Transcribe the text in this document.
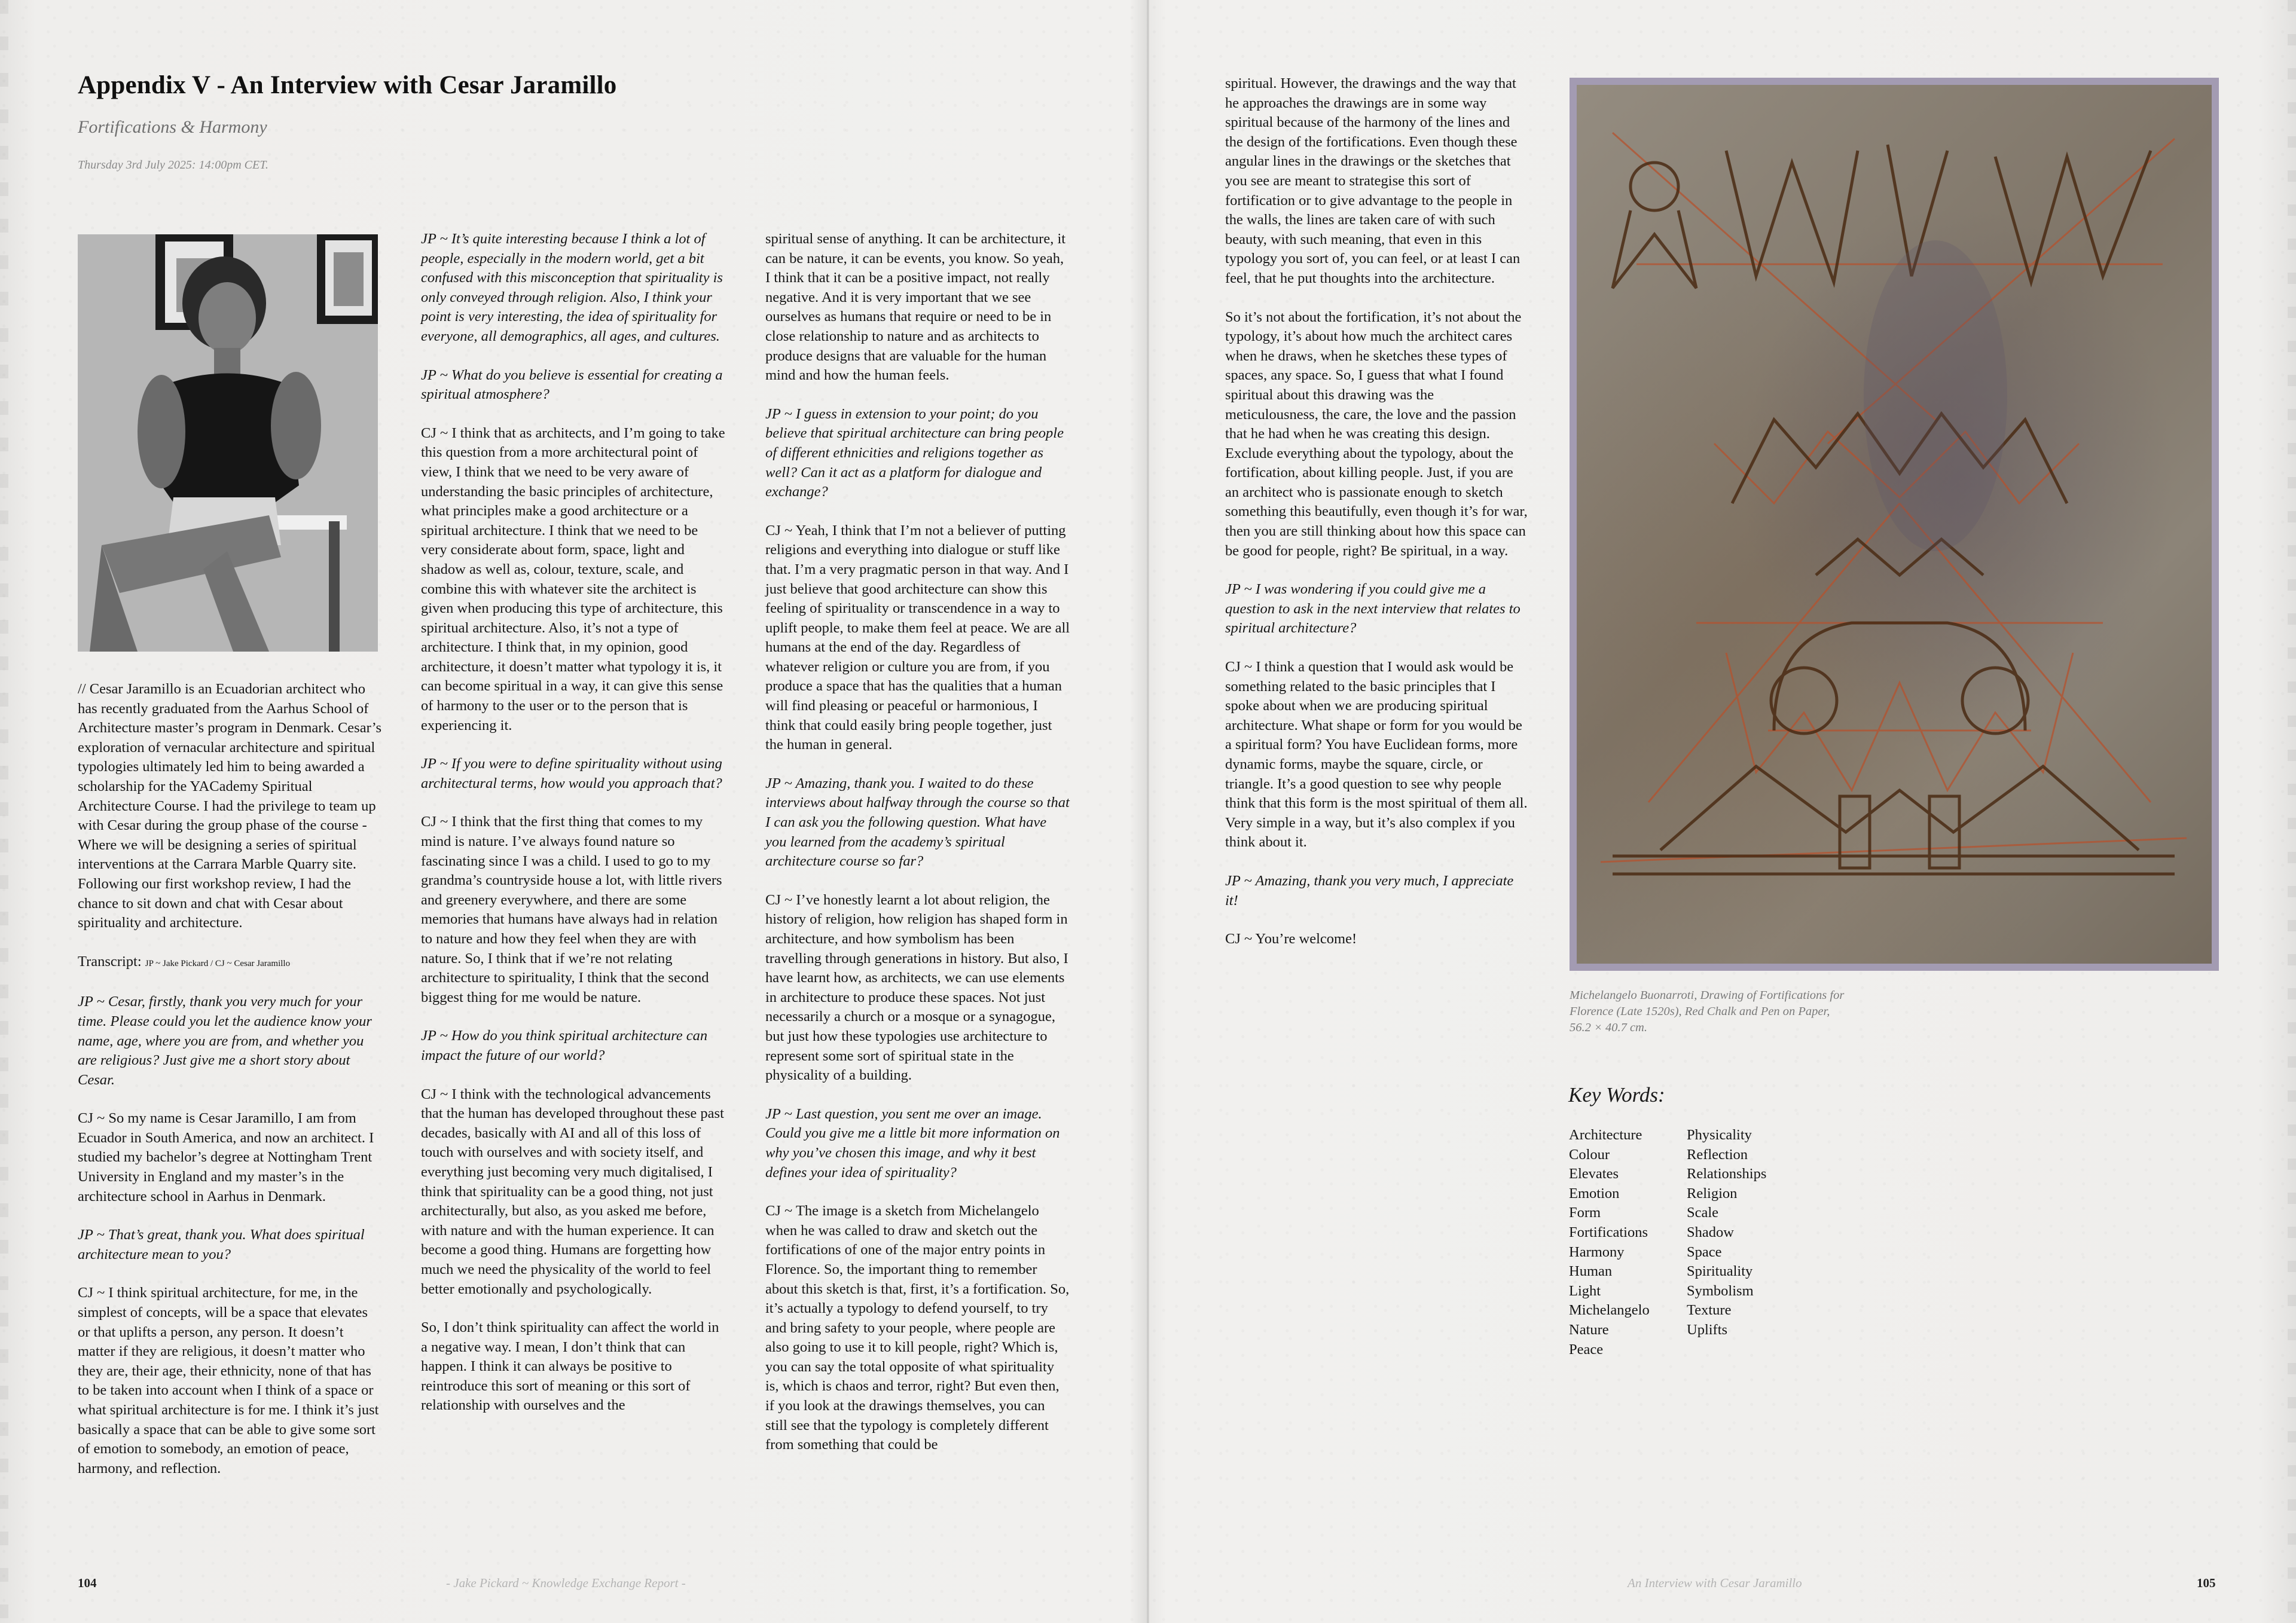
Appendix V - An Interview with Cesar Jaramillo
Fortifications & Harmony
Thursday 3rd July 2025: 14:00pm CET.

// Cesar Jaramillo is an Ecuadorian architect who has recently graduated from the Aarhus School of Architecture master’s program in Denmark. Cesar’s exploration of vernacular architecture and spiritual typologies ultimately led him to being awarded a scholarship for the YACademy Spiritual Architecture Course. I had the privilege to team up with Cesar during the group phase of the course - Where we will be designing a series of spiritual interventions at the Carrara Marble Quarry site. Following our first workshop review, I had the chance to sit down and chat with Cesar about spirituality and architecture.

Transcript: JP ~ Jake Pickard / CJ ~ Cesar Jaramillo

JP ~ Cesar, firstly, thank you very much for your time. Please could you let the audience know your name, age, where you are from, and whether you are religious? Just give me a short story about Cesar.

CJ ~ So my name is Cesar Jaramillo, I am from Ecuador in South America, and now an architect. I studied my bachelor’s degree at Nottingham Trent University in England and my master’s in the architecture school in Aarhus in Denmark.

JP ~ That’s great, thank you. What does spiritual architecture mean to you?

CJ ~ I think spiritual architecture, for me, in the simplest of concepts, will be a space that elevates or that uplifts a person, any person. It doesn’t matter if they are religious, it doesn’t matter who they are, their age, their ethnicity, none of that has to be taken into account when I think of a space or what spiritual architecture is for me. I think it’s just basically a space that can be able to give some sort of emotion to somebody, an emotion of peace, harmony, and reflection.

JP ~ It’s quite interesting because I think a lot of people, especially in the modern world, get a bit confused with this misconception that spirituality is only conveyed through religion. Also, I think your point is very interesting, the idea of spirituality for everyone, all demographics, all ages, and cultures.

JP ~ What do you believe is essential for creating a spiritual atmosphere?

CJ ~ I think that as architects, and I’m going to take this question from a more architectural point of view, I think that we need to be very aware of understanding the basic principles of architecture, what principles make a good architecture or a spiritual architecture. I think that we need to be very considerate about form, space, light and shadow as well as, colour, texture, scale, and combine this with whatever site the architect is given when producing this type of architecture, this spiritual architecture. Also, it’s not a type of architecture. I think that, in my opinion, good architecture, it doesn’t matter what typology it is, it can become spiritual in a way, it can give this sense of harmony to the user or to the person that is experiencing it.

JP ~ If you were to define spirituality without using architectural terms, how would you approach that?

CJ ~ I think that the first thing that comes to my mind is nature. I’ve always found nature so fascinating since I was a child. I used to go to my grandma’s countryside house a lot, with little rivers and greenery everywhere, and there are some memories that humans have always had in relation to nature and how they feel when they are with nature. So, I think that if we’re not relating architecture to spirituality, I think that the second biggest thing for me would be nature.

JP ~ How do you think spiritual architecture can impact the future of our world?

CJ ~ I think with the technological advancements that the human has developed throughout these past decades, basically with AI and all of this loss of touch with ourselves and with society itself, and everything just becoming very much digitalised, I think that spirituality can be a good thing, not just architecturally, but also, as you asked me before, with nature and with the human experience. It can become a good thing. Humans are forgetting how much we need the physicality of the world to feel better emotionally and psychologically.

So, I don’t think spirituality can affect the world in a negative way. I mean, I don’t think that can happen. I think it can always be positive to reintroduce this sort of meaning or this sort of relationship with ourselves and the

spiritual sense of anything. It can be architecture, it can be nature, it can be events, you know. So yeah, I think that it can be a positive impact, not really negative. And it is very important that we see ourselves as humans that require or need to be in close relationship to nature and as architects to produce designs that are valuable for the human mind and how the human feels.

JP ~ I guess in extension to your point; do you believe that spiritual architecture can bring people of different ethnicities and religions together as well? Can it act as a platform for dialogue and exchange?

CJ ~ Yeah, I think that I’m not a believer of putting religions and everything into dialogue or stuff like that. I’m a very pragmatic person in that way. And I just believe that good architecture can show this feeling of spirituality or transcendence in a way to uplift people, to make them feel at peace. We are all humans at the end of the day. Regardless of whatever religion or culture you are from, if you produce a space that has the qualities that a human will find pleasing or peaceful or harmonious, I think that could easily bring people together, just the human in general.

JP ~ Amazing, thank you. I waited to do these interviews about halfway through the course so that I can ask you the following question. What have you learned from the academy’s spiritual architecture course so far?

CJ ~ I’ve honestly learnt a lot about religion, the history of religion, how religion has shaped form in architecture, and how symbolism has been travelling through generations in history. But also, I have learnt how, as architects, we can use elements in architecture to produce these spaces. Not just necessarily a church or a mosque or a synagogue, but just how these typologies use architecture to represent some sort of spiritual state in the physicality of a building.

JP ~ Last question, you sent me over an image. Could you give me a little bit more information on why you’ve chosen this image, and why it best defines your idea of spirituality?

CJ ~ The image is a sketch from Michelangelo when he was called to draw and sketch out the fortifications of one of the major entry points in Florence. So, the important thing to remember about this sketch is that, first, it’s a fortification. So, it’s actually a typology to defend yourself, to try and bring safety to your people, where people are also going to use it to kill people, right? Which is, you can say the total opposite of what spirituality is, which is chaos and terror, right? But even then, if you look at the drawings themselves, you can still see that the typology is completely different from something that could be

104	- Jake Pickard ~ Knowledge Exchange Report -

spiritual. However, the drawings and the way that he approaches the drawings are in some way spiritual because of the harmony of the lines and the design of the fortifications. Even though these angular lines in the drawings or the sketches that you see are meant to strategise this sort of fortification or to give advantage to the people in the walls, the lines are taken care of with such beauty, with such meaning, that even in this typology you sort of, you can feel, or at least I can feel, that he put thoughts into the architecture.

So it’s not about the fortification, it’s not about the typology, it’s about how much the architect cares when he draws, when he sketches these types of spaces, any space. So, I guess that what I found spiritual about this drawing was the meticulousness, the care, the love and the passion that he had when he was creating this design. Exclude everything about the typology, about the fortification, about killing people. Just, if you are an architect who is passionate enough to sketch something this beautifully, even though it’s for war, then you are still thinking about how this space can be good for people, right? Be spiritual, in a way.

JP ~ I was wondering if you could give me a question to ask in the next interview that relates to spiritual architecture?

CJ ~ I think a question that I would ask would be something related to the basic principles that I spoke about when we are producing spiritual architecture. What shape or form for you would be a spiritual form? You have Euclidean forms, more dynamic forms, maybe the square, circle, or triangle. It’s a good question to see why people think that this form is the most spiritual of them all. Very simple in a way, but it’s also complex if you think about it.

JP ~ Amazing, thank you very much, I appreciate it!

CJ ~ You’re welcome!

Michelangelo Buonarroti, Drawing of Fortifications for Florence (Late 1520s), Red Chalk and Pen on Paper, 56.2 × 40.7 cm.
Key Words:
Architecture
Colour
Elevates
Emotion
Form
Fortifications
Harmony
Human
Light
Michelangelo
Nature
Peace
Physicality
Reflection
Relationships
Religion
Scale
Shadow
Space
Spirituality
Symbolism
Texture
Uplifts
An Interview with Cesar Jaramillo	105
